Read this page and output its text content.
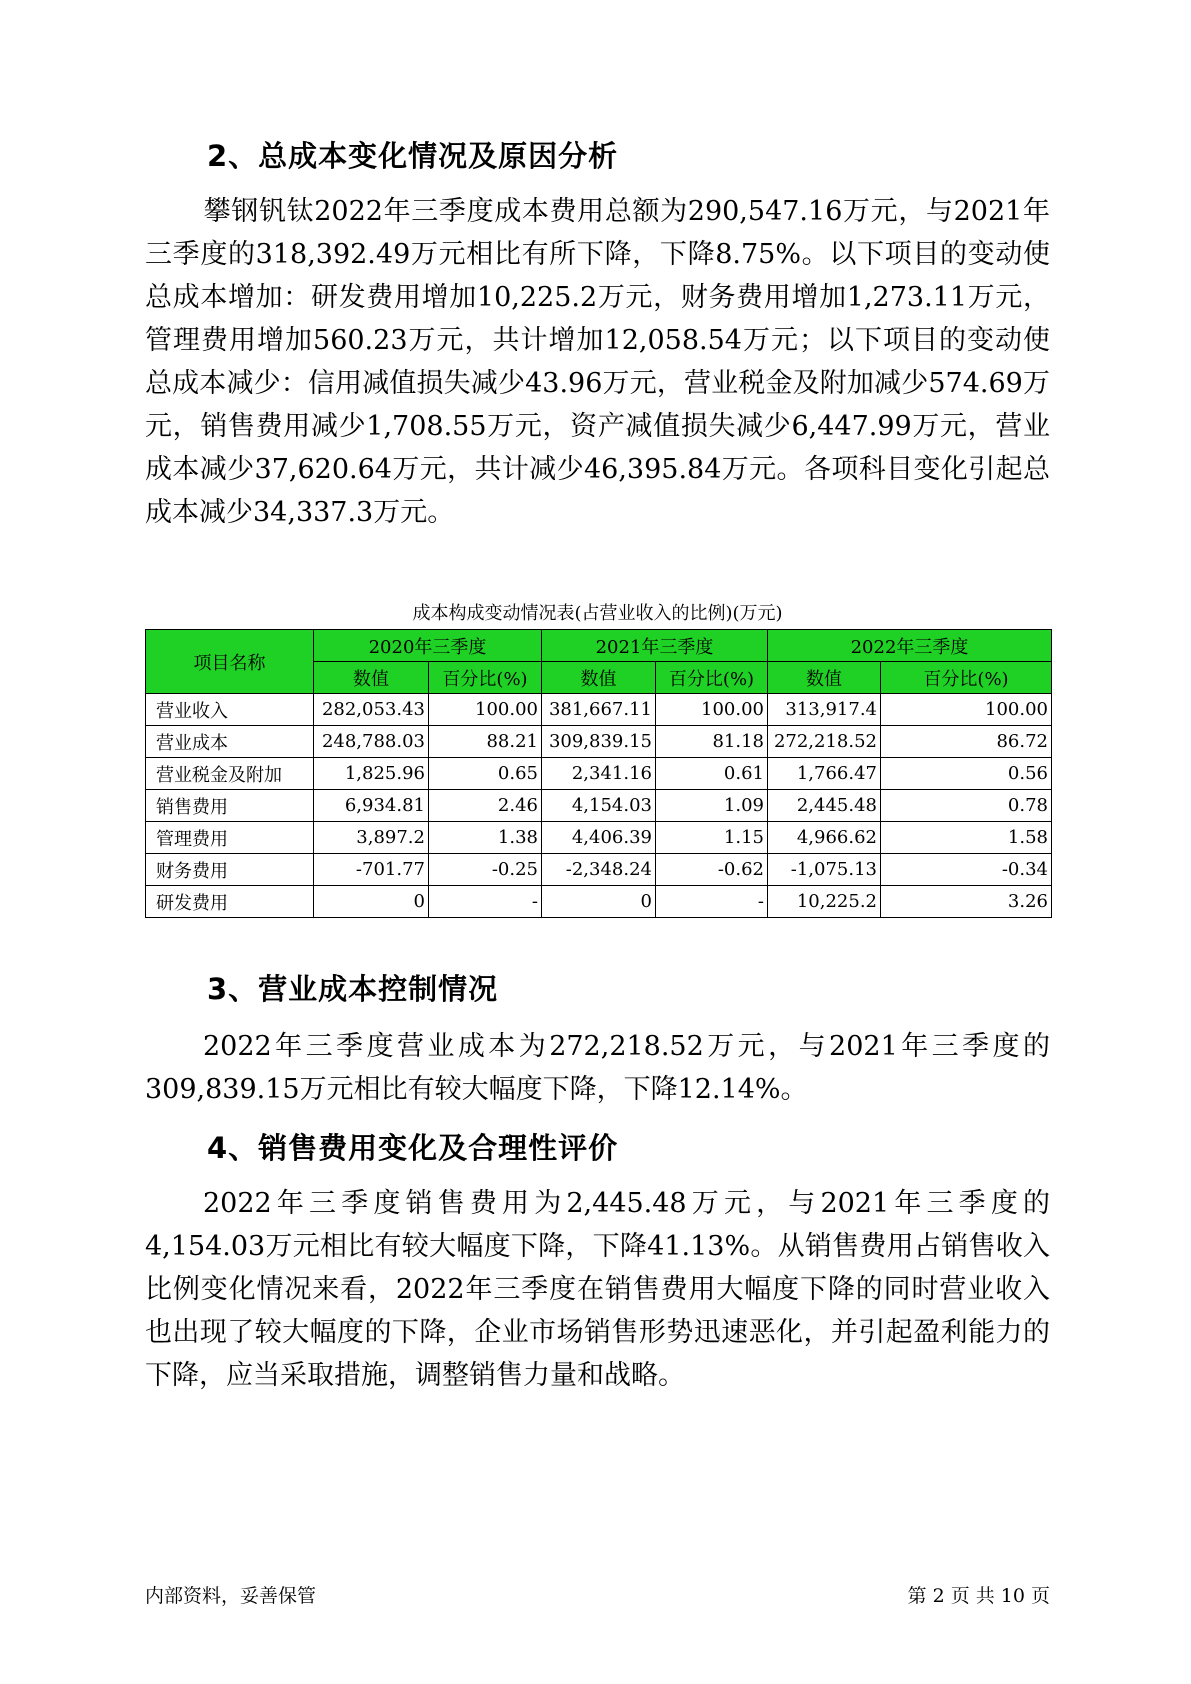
2、总成本变化情况及原因分析

攀钢钒钛2022年三季度成本费用总额为290,547.16万元，与2021年三季度的318,392.49万元相比有所下降，下降8.75%。以下项目的变动使总成本增加：研发费用增加10,225.2万元，财务费用增加1,273.11万元，管理费用增加560.23万元，共计增加12,058.54万元；以下项目的变动使总成本减少：信用减值损失减少43.96万元，营业税金及附加减少574.69万元，销售费用减少1,708.55万元，资产减值损失减少6,447.99万元，营业成本减少37,620.64万元，共计减少46,395.84万元。各项科目变化引起总成本减少34,337.3万元。

成本构成变动情况表(占营业收入的比例)(万元)
项目名称	2020年三季度		2021年三季度		2022年三季度	
	数值	百分比(%)	数值	百分比(%)	数值	百分比(%)
营业收入	282,053.43	100.00	381,667.11	100.00	313,917.4	100.00
营业成本	248,788.03	88.21	309,839.15	81.18	272,218.52	86.72
营业税金及附加	1,825.96	0.65	2,341.16	0.61	1,766.47	0.56
销售费用	6,934.81	2.46	4,154.03	1.09	2,445.48	0.78
管理费用	3,897.2	1.38	4,406.39	1.15	4,966.62	1.58
财务费用	-701.77	-0.25	-2,348.24	-0.62	-1,075.13	-0.34
研发费用	0	-	0	-	10,225.2	3.26
3、营业成本控制情况

2022年三季度营业成本为272,218.52万元，与2021年三季度的309,839.15万元相比有较大幅度下降，下降12.14%。

4、销售费用变化及合理性评价

2022年三季度销售费用为2,445.48万元，与2021年三季度的4,154.03万元相比有较大幅度下降，下降41.13%。从销售费用占销售收入比例变化情况来看，2022年三季度在销售费用大幅度下降的同时营业收入也出现了较大幅度的下降，企业市场销售形势迅速恶化，并引起盈利能力的下降，应当采取措施，调整销售力量和战略。

内部资料，妥善保管	第 2 页 共 10 页
